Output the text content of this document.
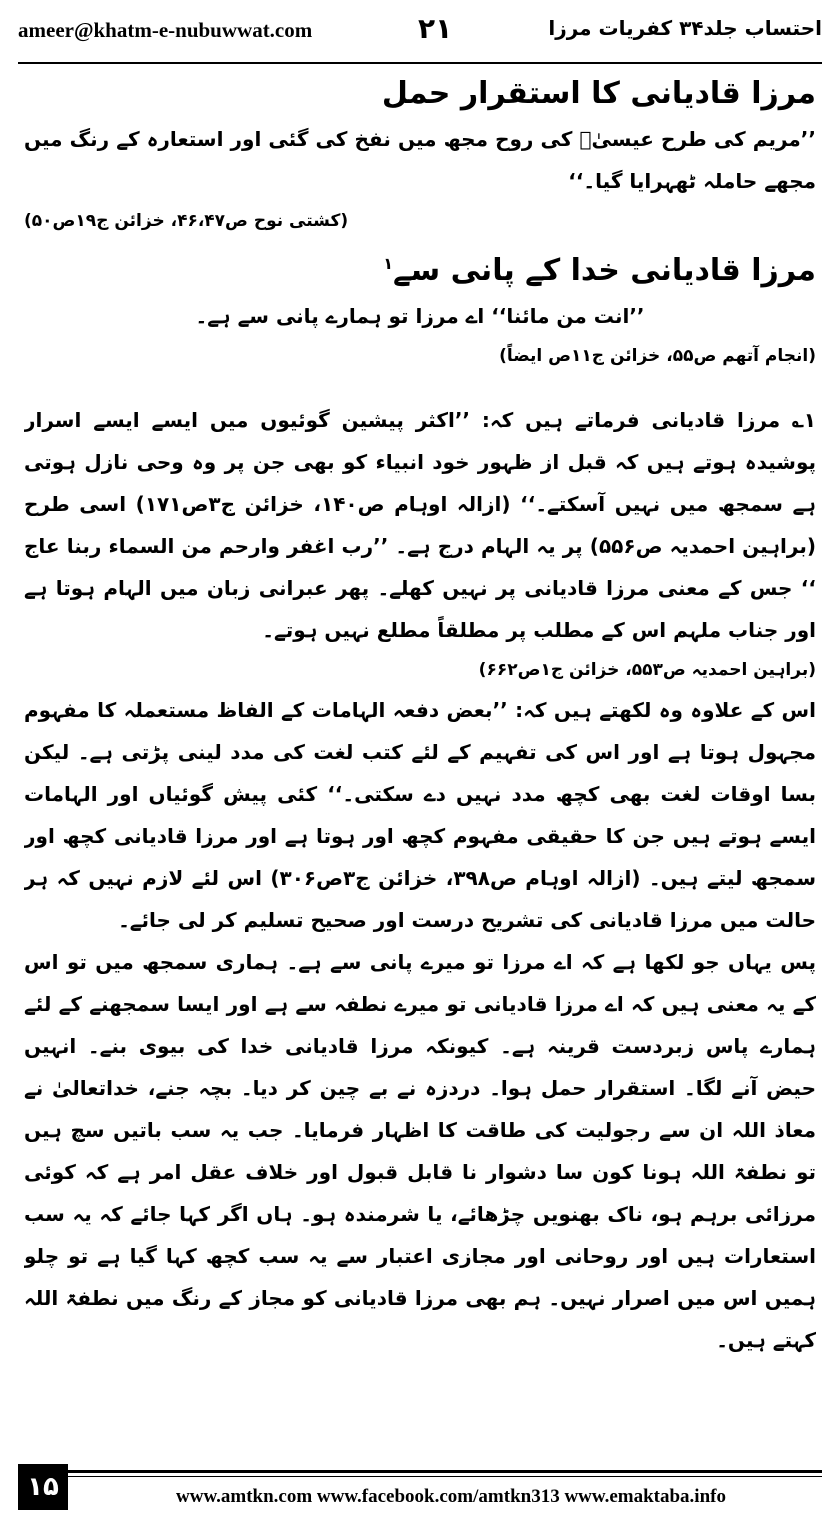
ameer@khatm-e-nubuwwat.com	۲۱	احتساب جلد۳۴ کفریات مرزا

مرزا قادیانی کا استقرار حمل

’’مریم کی طرح عیسیٰؑ کی روح مجھ میں نفخ کی گئی اور استعارہ کے رنگ میں مجھے حاملہ ٹھہرایا گیا۔‘‘

(کشتی نوح ص۴۶،۴۷، خزائن ج۱۹ص۵۰)

مرزا قادیانی خدا کے پانی سے$^۱$

’’انت من مائنا‘‘ اے مرزا تو ہمارے پانی سے ہے۔

(انجام آتھم ص۵۵، خزائن ج۱۱ص ایضاً)

۱؎ مرزا قادیانی فرماتے ہیں کہ: ’’اکثر پیشین گوئیوں میں ایسے ایسے اسرار پوشیدہ ہوتے ہیں کہ قبل از ظہور خود انبیاء کو بھی جن پر وہ وحی نازل ہوتی ہے سمجھ میں نہیں آسکتے۔‘‘ (ازالہ اوہام ص۱۴۰، خزائن ج۳ص۱۷۱) اسی طرح (براہین احمدیہ ص۵۵۶) پر یہ الہام درج ہے۔ ’’رب اغفر وارحم من السماء ربنا عاج ‘‘ جس کے معنی مرزا قادیانی پر نہیں کھلے۔ پھر عبرانی زبان میں الہام ہوتا ہے اور جناب ملہم اس کے مطلب پر مطلقاً مطلع نہیں ہوتے۔

(براہین احمدیہ ص۵۵۳، خزائن ج۱ص۶۶۲)

اس کے علاوہ وہ لکھتے ہیں کہ: ’’بعض دفعہ الہامات کے الفاظ مستعملہ کا مفہوم مجہول ہوتا ہے اور اس کی تفہیم کے لئے کتب لغت کی مدد لینی پڑتی ہے۔ لیکن بسا اوقات لغت بھی کچھ مدد نہیں دے سکتی۔‘‘ کئی پیش گوئیاں اور الہامات ایسے ہوتے ہیں جن کا حقیقی مفہوم کچھ اور ہوتا ہے اور مرزا قادیانی کچھ اور سمجھ لیتے ہیں۔ (ازالہ اوہام ص۳۹۸، خزائن ج۳ص۳۰۶) اس لئے لازم نہیں کہ ہر حالت میں مرزا قادیانی کی تشریح درست اور صحیح تسلیم کر لی جائے۔

پس یہاں جو لکھا ہے کہ اے مرزا تو میرے پانی سے ہے۔ ہماری سمجھ میں تو اس کے یہ معنی ہیں کہ اے مرزا قادیانی تو میرے نطفہ سے ہے اور ایسا سمجھنے کے لئے ہمارے پاس زبردست قرینہ ہے۔ کیونکہ مرزا قادیانی خدا کی بیوی بنے۔ انہیں حیض آنے لگا۔ استقرار حمل ہوا۔ دردزہ نے بے چین کر دیا۔ بچہ جنے، خداتعالیٰ نے معاذ اللہ ان سے رجولیت کی طاقت کا اظہار فرمایا۔ جب یہ سب باتیں سچ ہیں تو نطفۃ اللہ ہونا کون سا دشوار نا قابل قبول اور خلاف عقل امر ہے کہ کوئی مرزائی برہم ہو، ناک بھنویں چڑھائے، یا شرمندہ ہو۔ ہاں اگر کہا جائے کہ یہ سب استعارات ہیں اور روحانی اور مجازی اعتبار سے یہ سب کچھ کہا گیا ہے تو چلو ہمیں اس میں اصرار نہیں۔ ہم بھی مرزا قادیانی کو مجاز کے رنگ میں نطفۃ اللہ کہتے ہیں۔

۱۵	www.amtkn.com www.facebook.com/amtkn313 www.emaktaba.info
